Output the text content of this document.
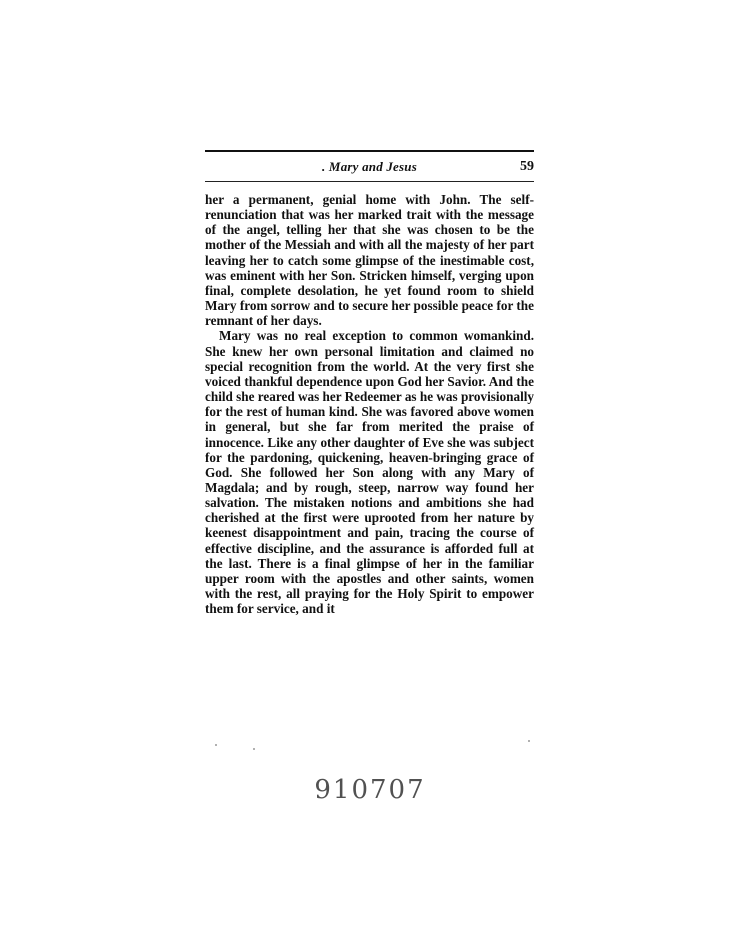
. Mary and Jesus	59

her a permanent, genial home with John. The self-renunciation that was her marked trait with the message of the angel, telling her that she was chosen to be the mother of the Messiah and with all the majesty of her part leaving her to catch some glimpse of the inestimable cost, was eminent with her Son. Stricken himself, verging upon final, complete desolation, he yet found room to shield Mary from sorrow and to secure her possible peace for the remnant of her days.

Mary was no real exception to common womankind. She knew her own personal limitation and claimed no special recognition from the world. At the very first she voiced thankful dependence upon God her Savior. And the child she reared was her Redeemer as he was provisionally for the rest of human kind. She was favored above women in general, but she far from merited the praise of innocence. Like any other daughter of Eve she was subject for the pardoning, quickening, heaven-bringing grace of God. She followed her Son along with any Mary of Magdala; and by rough, steep, narrow way found her salvation. The mistaken notions and ambitions she had cherished at the first were uprooted from her nature by keenest disappointment and pain, tracing the course of effective discipline, and the assurance is afforded full at the last. There is a final glimpse of her in the familiar upper room with the apostles and other saints, women with the rest, all praying for the Holy Spirit to empower them for service, and it

910707
